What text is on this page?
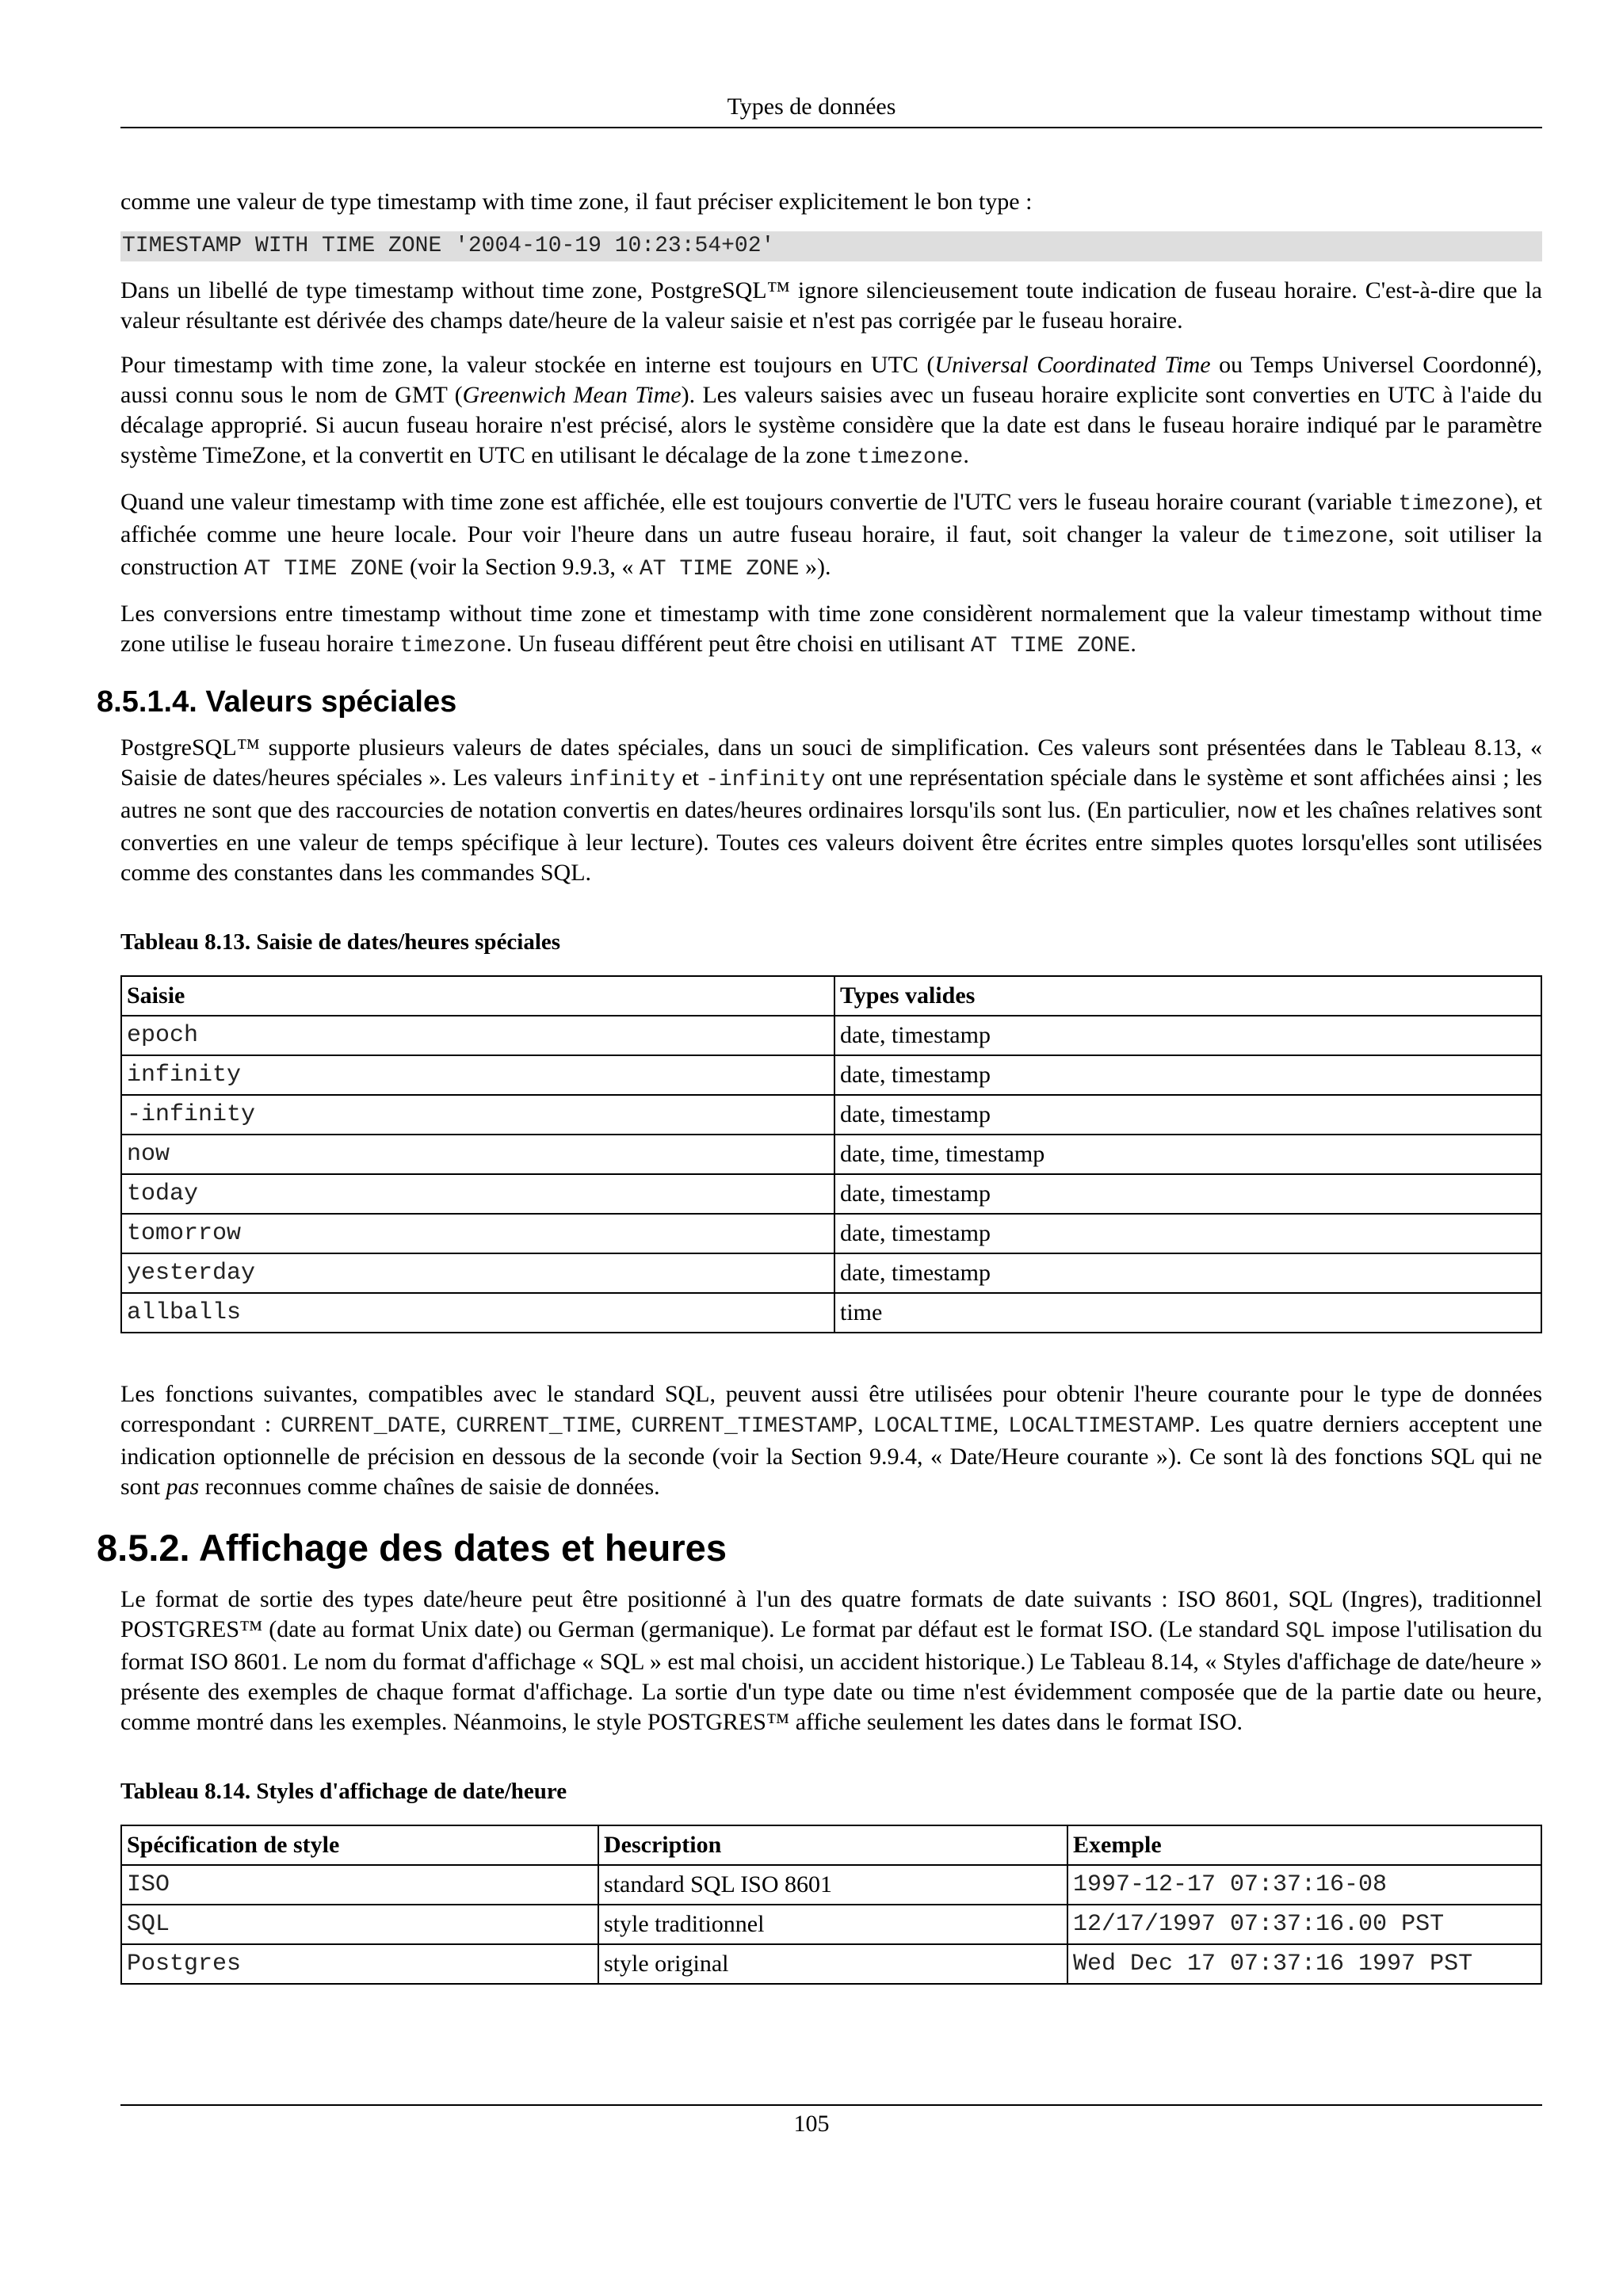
Types de données

comme une valeur de type timestamp with time zone, il faut préciser explicitement le bon type :

TIMESTAMP WITH TIME ZONE '2004-10-19 10:23:54+02'

Dans un libellé de type timestamp without time zone, PostgreSQL™ ignore silencieusement toute indication de fuseau horaire. C'est-à-dire que la valeur résultante est dérivée des champs date/heure de la valeur saisie et n'est pas corrigée par le fuseau horaire.

Pour timestamp with time zone, la valeur stockée en interne est toujours en UTC (Universal Coordinated Time ou Temps Universel Coordonné), aussi connu sous le nom de GMT (Greenwich Mean Time). Les valeurs saisies avec un fuseau horaire explicite sont converties en UTC à l'aide du décalage approprié. Si aucun fuseau horaire n'est précisé, alors le système considère que la date est dans le fuseau horaire indiqué par le paramètre système TimeZone, et la convertit en UTC en utilisant le décalage de la zone timezone.

Quand une valeur timestamp with time zone est affichée, elle est toujours convertie de l'UTC vers le fuseau horaire courant (variable timezone), et affichée comme une heure locale. Pour voir l'heure dans un autre fuseau horaire, il faut, soit changer la valeur de timezone, soit utiliser la construction AT TIME ZONE (voir la Section 9.9.3, « AT TIME ZONE »).

Les conversions entre timestamp without time zone et timestamp with time zone considèrent normalement que la valeur timestamp without time zone utilise le fuseau horaire timezone. Un fuseau différent peut être choisi en utilisant AT TIME ZONE.

8.5.1.4. Valeurs spéciales

PostgreSQL™ supporte plusieurs valeurs de dates spéciales, dans un souci de simplification. Ces valeurs sont présentées dans le Tableau 8.13, « Saisie de dates/heures spéciales ». Les valeurs infinity et -infinity ont une représentation spéciale dans le système et sont affichées ainsi ; les autres ne sont que des raccourcies de notation convertis en dates/heures ordinaires lorsqu'ils sont lus. (En particulier, now et les chaînes relatives sont converties en une valeur de temps spécifique à leur lecture). Toutes ces valeurs doivent être écrites entre simples quotes lorsqu'elles sont utilisées comme des constantes dans les commandes SQL.

Tableau 8.13. Saisie de dates/heures spéciales
Saisie	Types valides
epoch	date, timestamp
infinity	date, timestamp
-infinity	date, timestamp
now	date, time, timestamp
today	date, timestamp
tomorrow	date, timestamp
yesterday	date, timestamp
allballs	time

Les fonctions suivantes, compatibles avec le standard SQL, peuvent aussi être utilisées pour obtenir l'heure courante pour le type de données correspondant : CURRENT_DATE, CURRENT_TIME, CURRENT_TIMESTAMP, LOCALTIME, LOCALTIMESTAMP. Les quatre derniers acceptent une indication optionnelle de précision en dessous de la seconde (voir la Section 9.9.4, « Date/Heure courante »). Ce sont là des fonctions SQL qui ne sont pas reconnues comme chaînes de saisie de données.

8.5.2. Affichage des dates et heures

Le format de sortie des types date/heure peut être positionné à l'un des quatre formats de date suivants : ISO 8601, SQL (Ingres), traditionnel POSTGRES™ (date au format Unix date) ou German (germanique). Le format par défaut est le format ISO. (Le standard SQL impose l'utilisation du format ISO 8601. Le nom du format d'affichage « SQL » est mal choisi, un accident historique.) Le Tableau 8.14, « Styles d'affichage de date/heure » présente des exemples de chaque format d'affichage. La sortie d'un type date ou time n'est évidemment composée que de la partie date ou heure, comme montré dans les exemples. Néanmoins, le style POSTGRES™ affiche seulement les dates dans le format ISO.

Tableau 8.14. Styles d'affichage de date/heure
Spécification de style	Description	Exemple
ISO	standard SQL ISO 8601	1997-12-17 07:37:16-08
SQL	style traditionnel	12/17/1997 07:37:16.00 PST
Postgres	style original	Wed Dec 17 07:37:16 1997 PST
105
